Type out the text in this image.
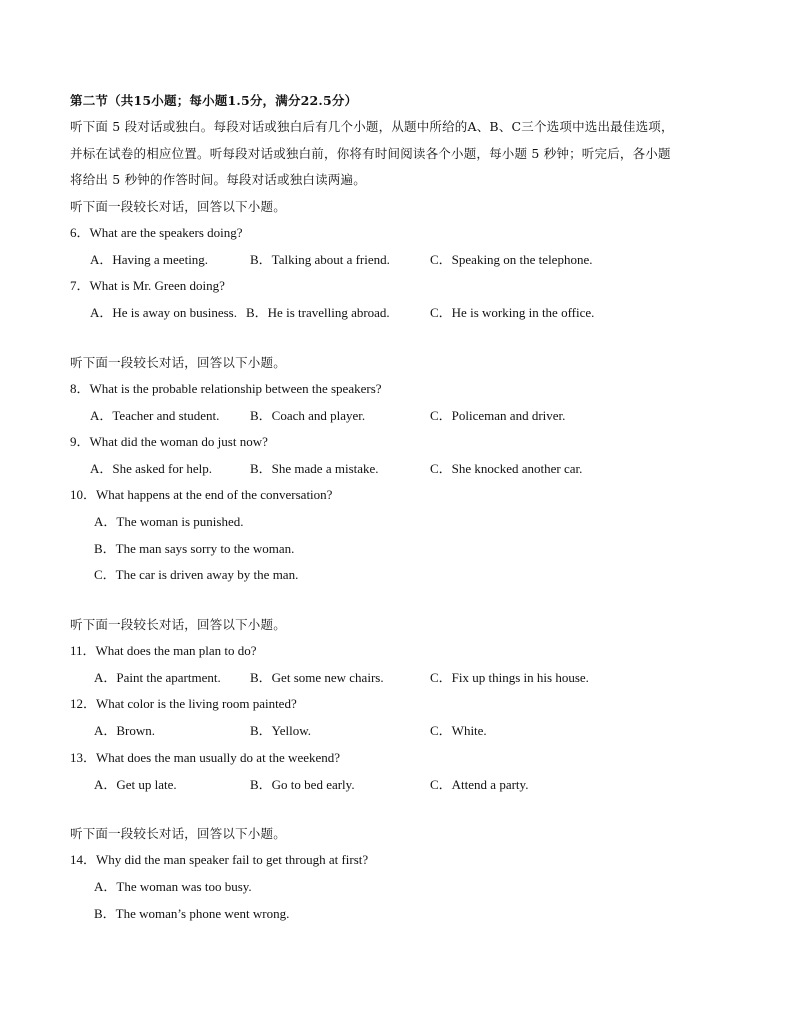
第二节（共15小题；每小题1.5分，满分22.5分）
听下面 5 段对话或独白。每段对话或独白后有几个小题，从题中所给的A、B、C三个选项中选出最佳选项，
并标在试卷的相应位置。听每段对话或独白前，你将有时间阅读各个小题，每小题 5 秒钟；听完后，各小题
将给出 5 秒钟的作答时间。每段对话或独白读两遍。
听下面一段较长对话，回答以下小题。
6．What are the speakers doing?
A．Having a meeting.	B．Talking about a friend.	C．Speaking on the telephone.
7．What is Mr. Green doing?
A．He is away on business. B．He is travelling abroad.	C．He is working in the office.
听下面一段较长对话，回答以下小题。
8．What is the probable relationship between the speakers?
A．Teacher and student. B．Coach and player.	C．Policeman and driver.
9．What did the woman do just now?
A．She asked for help.	B．She made a mistake.	C．She knocked another car.
10．What happens at the end of the conversation?
A．The woman is punished.
B．The man says sorry to the woman.
C．The car is driven away by the man.
听下面一段较长对话，回答以下小题。
11．What does the man plan to do?
A．Paint the apartment. B．Get some new chairs.	C．Fix up things in his house.
12．What color is the living room painted?
A．Brown.	B．Yellow.	C．White.
13．What does the man usually do at the weekend?
A．Get up late.	B．Go to bed early.	C．Attend a party.
听下面一段较长对话，回答以下小题。
14．Why did the man speaker fail to get through at first?
A．The woman was too busy.
B．The woman’s phone went wrong.
